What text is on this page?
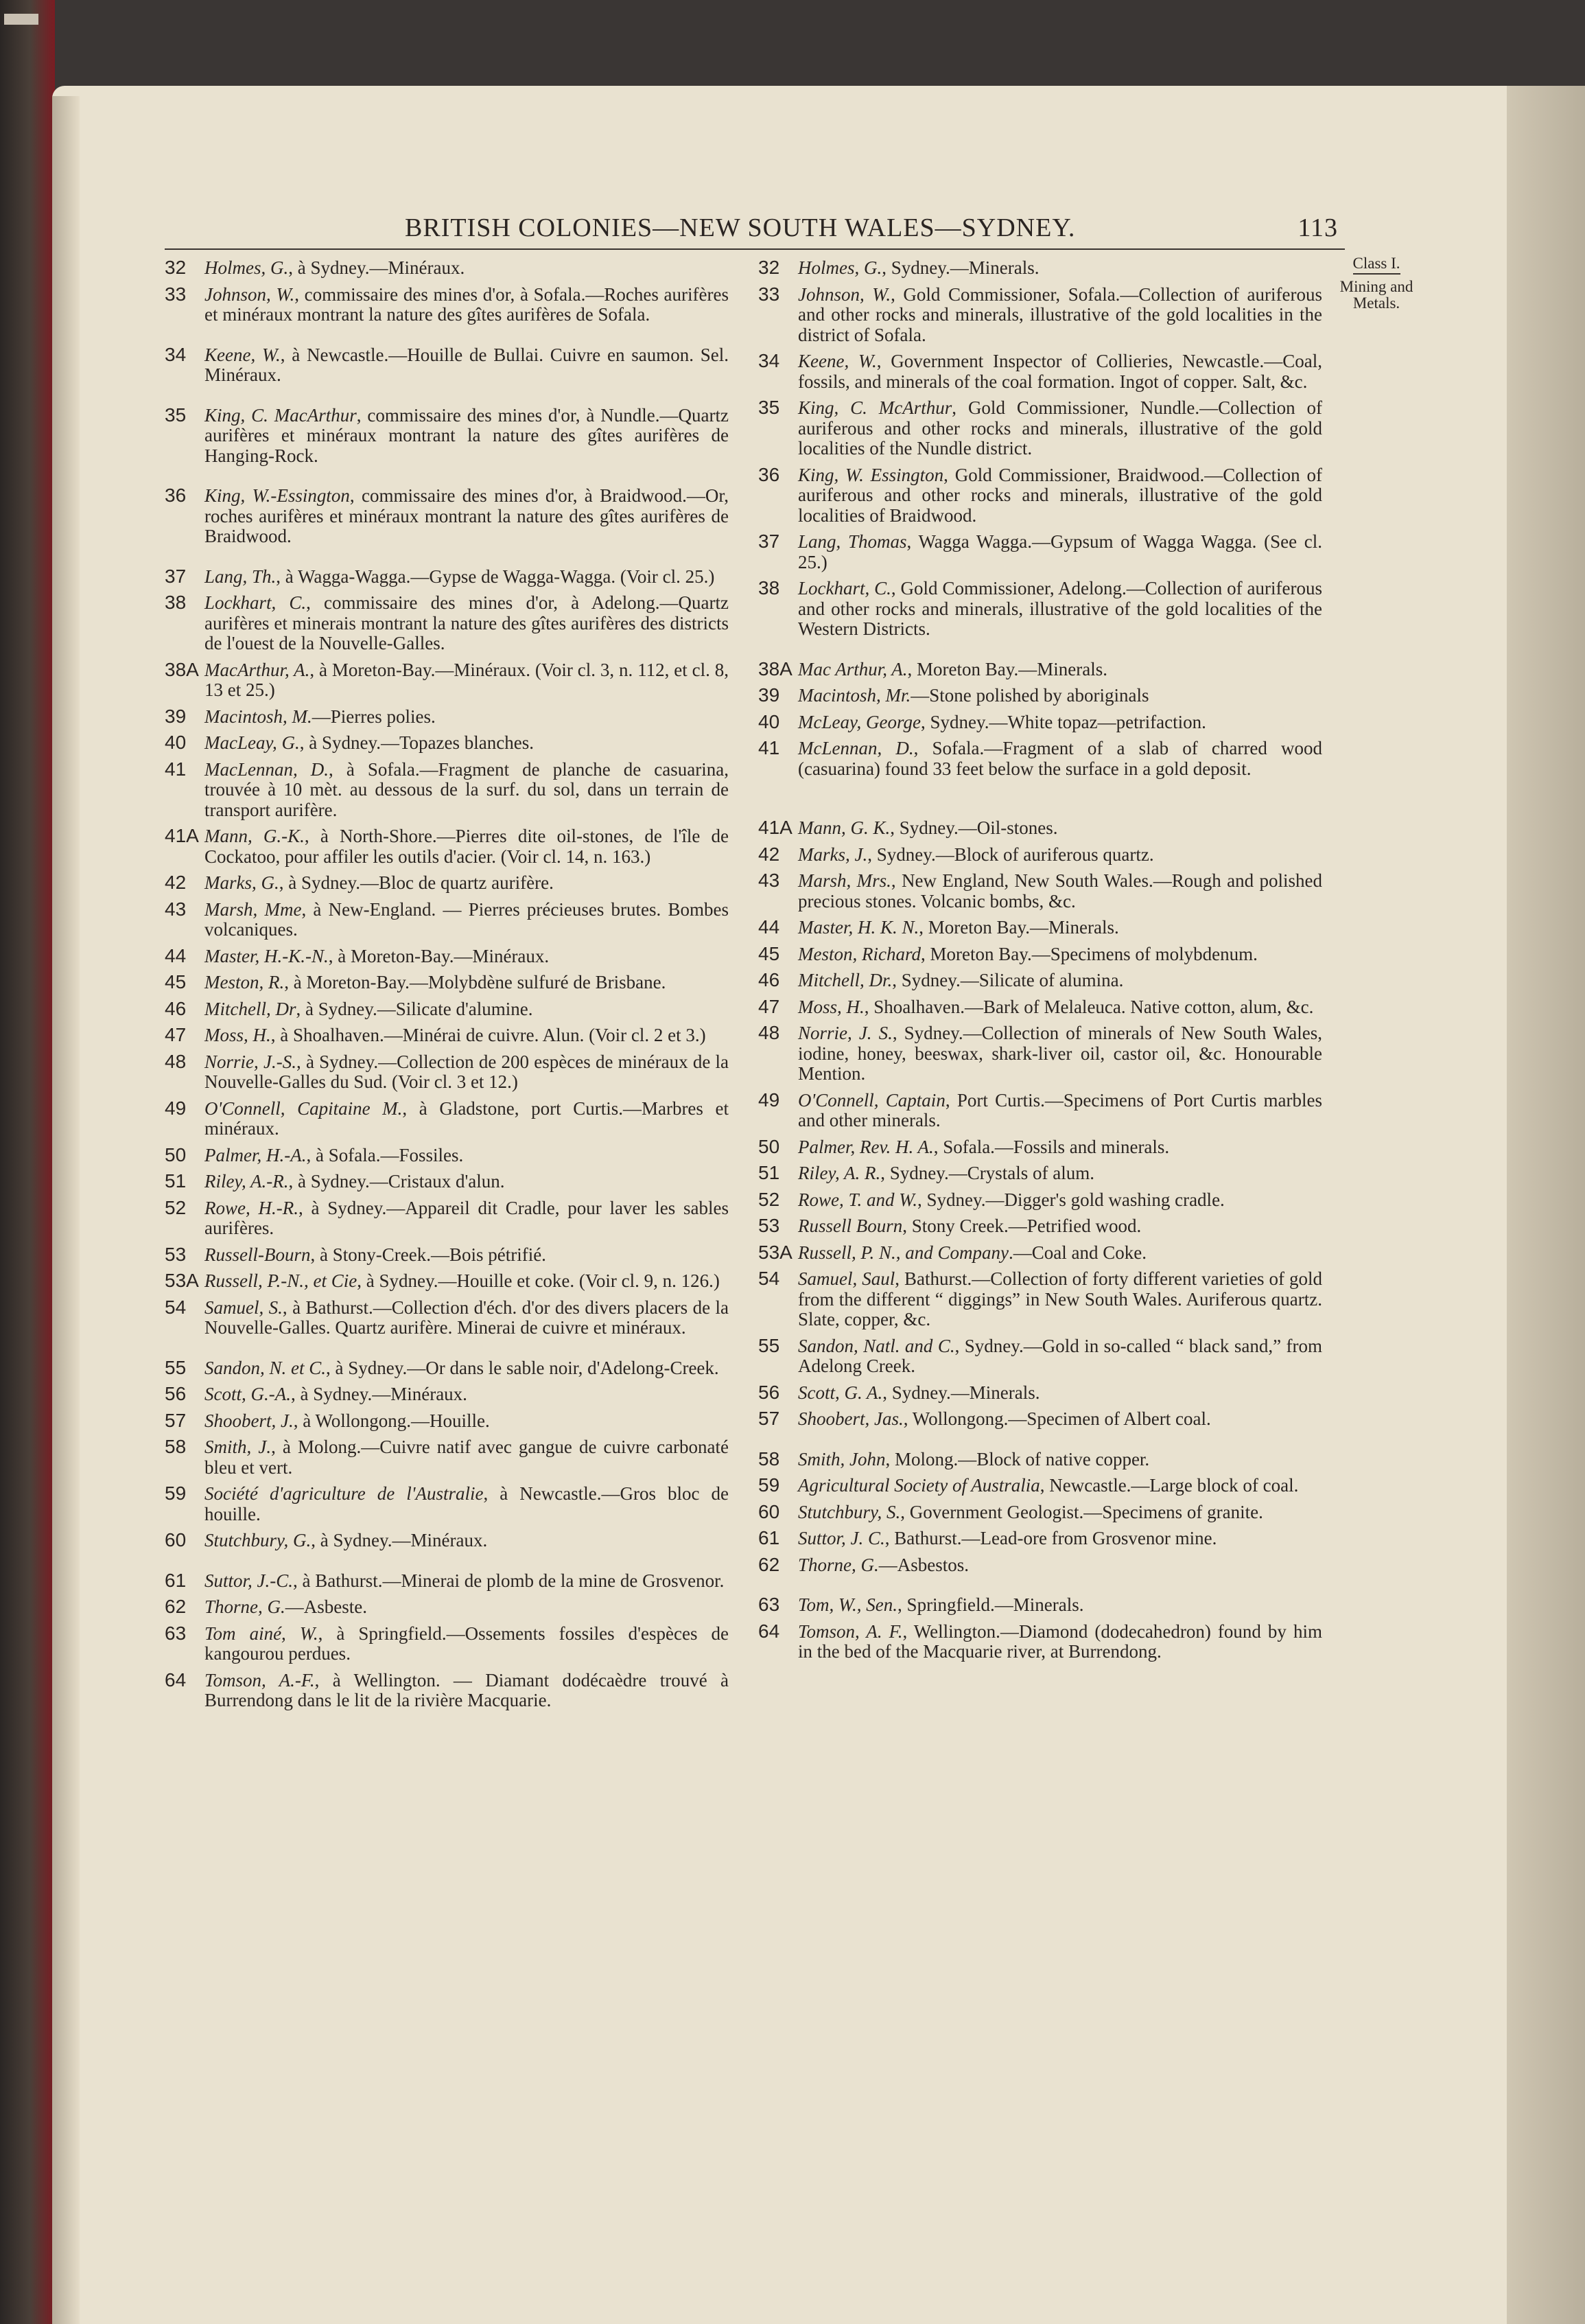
BRITISH COLONIES—NEW SOUTH WALES—SYDNEY.	113
Class I.
Mining and Metals.
32 Holmes, G., à Sydney.—Minéraux.
33 Johnson, W., commissaire des mines d'or, à Sofala.—Roches aurifères et minéraux montrant la nature des gîtes aurifères de Sofala.
34 Keene, W., à Newcastle.—Houille de Bullai. Cuivre en saumon. Sel. Minéraux.
35 King, C. MacArthur, commissaire des mines d'or, à Nundle.—Quartz aurifères et minéraux montrant la nature des gîtes aurifères de Hanging-Rock.
36 King, W.-Essington, commissaire des mines d'or, à Braidwood.—Or, roches aurifères et minéraux montrant la nature des gîtes aurifères de Braidwood.
37 Lang, Th., à Wagga-Wagga.—Gypse de Wagga-Wagga. (Voir cl. 25.)
38 Lockhart, C., commissaire des mines d'or, à Adelong.—Quartz aurifères et minerais montrant la nature des gîtes aurifères des districts de l'ouest de la Nouvelle-Galles.
38A MacArthur, A., à Moreton-Bay.—Minéraux. (Voir cl. 3, n. 112, et cl. 8, 13 et 25.)
39 Macintosh, M.—Pierres polies.
40 MacLeay, G., à Sydney.—Topazes blanches.
41 MacLennan, D., à Sofala.—Fragment de planche de casuarina, trouvée à 10 mèt. au dessous de la surf. du sol, dans un terrain de transport aurifère.
41A Mann, G.-K., à North-Shore.—Pierres dite oil-stones, de l'île de Cockatoo, pour affiler les outils d'acier. (Voir cl. 14, n. 163.)
42 Marks, G., à Sydney.—Bloc de quartz aurifère.
43 Marsh, Mme, à New-England. — Pierres précieuses brutes. Bombes volcaniques.
44 Master, H.-K.-N., à Moreton-Bay.—Minéraux.
45 Meston, R., à Moreton-Bay.—Molybdène sulfuré de Brisbane.
46 Mitchell, Dr, à Sydney.—Silicate d'alumine.
47 Moss, H., à Shoalhaven.—Minérai de cuivre. Alun. (Voir cl. 2 et 3.)
48 Norrie, J.-S., à Sydney.—Collection de 200 espèces de minéraux de la Nouvelle-Galles du Sud. (Voir cl. 3 et 12.)
49 O'Connell, Capitaine M., à Gladstone, port Curtis.—Marbres et minéraux.
50 Palmer, H.-A., à Sofala.—Fossiles.
51 Riley, A.-R., à Sydney.—Cristaux d'alun.
52 Rowe, H.-R., à Sydney.—Appareil dit Cradle, pour laver les sables aurifères.
53 Russell-Bourn, à Stony-Creek.—Bois pétrifié.
53A Russell, P.-N., et Cie, à Sydney.—Houille et coke. (Voir cl. 9, n. 126.)
54 Samuel, S., à Bathurst.—Collection d'éch. d'or des divers placers de la Nouvelle-Galles. Quartz aurifère. Minerai de cuivre et minéraux.
55 Sandon, N. et C., à Sydney.—Or dans le sable noir, d'Adelong-Creek.
56 Scott, G.-A., à Sydney.—Minéraux.
57 Shoobert, J., à Wollongong.—Houille.
58 Smith, J., à Molong.—Cuivre natif avec gangue de cuivre carbonaté bleu et vert.
59 Société d'agriculture de l'Australie, à Newcastle.—Gros bloc de houille.
60 Stutchbury, G., à Sydney.—Minéraux.
61 Suttor, J.-C., à Bathurst.—Minerai de plomb de la mine de Grosvenor.
62 Thorne, G.—Asbeste.
63 Tom ainé, W., à Springfield.—Ossements fossiles d'espèces de kangourou perdues.
64 Tomson, A.-F., à Wellington. — Diamant dodécaèdre trouvé à Burrendong dans le lit de la rivière Macquarie.
32 Holmes, G., Sydney.—Minerals.
33 Johnson, W., Gold Commissioner, Sofala.—Collection of auriferous and other rocks and minerals, illustrative of the gold localities in the district of Sofala.
34 Keene, W., Government Inspector of Collieries, Newcastle.—Coal, fossils, and minerals of the coal formation. Ingot of copper. Salt, &c.
35 King, C. McArthur, Gold Commissioner, Nundle.—Collection of auriferous and other rocks and minerals, illustrative of the gold localities of the Nundle district.
36 King, W. Essington, Gold Commissioner, Braidwood.—Collection of auriferous and other rocks and minerals, illustrative of the gold localities of Braidwood.
37 Lang, Thomas, Wagga Wagga.—Gypsum of Wagga Wagga. (See cl. 25.)
38 Lockhart, C., Gold Commissioner, Adelong.—Collection of auriferous and other rocks and minerals, illustrative of the gold localities of the Western Districts.
38A Mac Arthur, A., Moreton Bay.—Minerals.
39 Macintosh, Mr.—Stone polished by aboriginals
40 McLeay, George, Sydney.—White topaz—petrifaction.
41 McLennan, D., Sofala.—Fragment of a slab of charred wood (casuarina) found 33 feet below the surface in a gold deposit.
41A Mann, G. K., Sydney.—Oil-stones.
42 Marks, J., Sydney.—Block of auriferous quartz.
43 Marsh, Mrs., New England, New South Wales.—Rough and polished precious stones. Volcanic bombs, &c.
44 Master, H. K. N., Moreton Bay.—Minerals.
45 Meston, Richard, Moreton Bay.—Specimens of molybdenum.
46 Mitchell, Dr., Sydney.—Silicate of alumina.
47 Moss, H., Shoalhaven.—Bark of Melaleuca. Native cotton, alum, &c.
48 Norrie, J. S., Sydney.—Collection of minerals of New South Wales, iodine, honey, beeswax, shark-liver oil, castor oil, &c. Honourable Mention.
49 O'Connell, Captain, Port Curtis.—Specimens of Port Curtis marbles and other minerals.
50 Palmer, Rev. H. A., Sofala.—Fossils and minerals.
51 Riley, A. R., Sydney.—Crystals of alum.
52 Rowe, T. and W., Sydney.—Digger's gold washing cradle.
53 Russell Bourn, Stony Creek.—Petrified wood.
53A Russell, P. N., and Company.—Coal and Coke.
54 Samuel, Saul, Bathurst.—Collection of forty different varieties of gold from the different “ diggings” in New South Wales. Auriferous quartz. Slate, copper, &c.
55 Sandon, Natl. and C., Sydney.—Gold in so-called “ black sand,” from Adelong Creek.
56 Scott, G. A., Sydney.—Minerals.
57 Shoobert, Jas., Wollongong.—Specimen of Albert coal.
58 Smith, John, Molong.—Block of native copper.
59 Agricultural Society of Australia, Newcastle.—Large block of coal.
60 Stutchbury, S., Government Geologist.—Specimens of granite.
61 Suttor, J. C., Bathurst.—Lead-ore from Grosvenor mine.
62 Thorne, G.—Asbestos.
63 Tom, W., Sen., Springfield.—Minerals.
64 Tomson, A. F., Wellington.—Diamond (dodecahedron) found by him in the bed of the Macquarie river, at Burrendong.
